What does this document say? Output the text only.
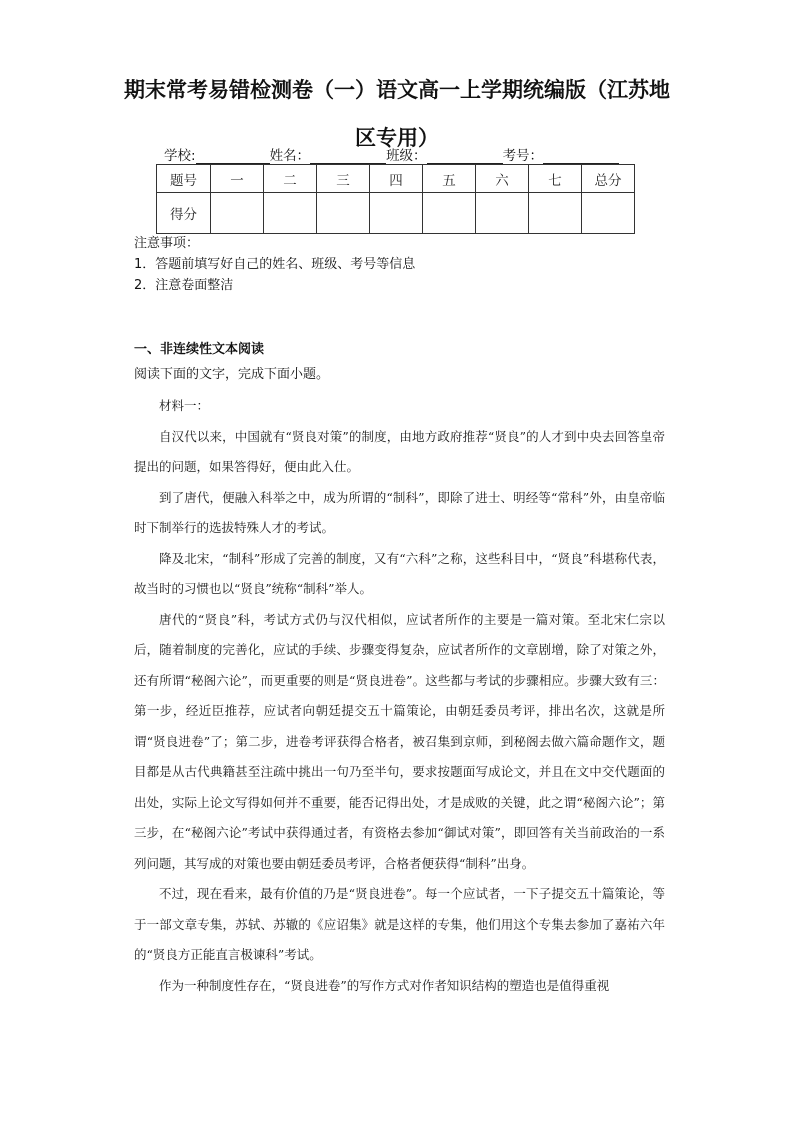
期末常考易错检测卷（一）语文高一上学期统编版（江苏地区专用）
学校:	姓名：	班级：	考号：
题号	一	二	三	四	五	六	七	总分
得分								
注意事项：
1．答题前填写好自己的姓名、班级、考号等信息
2．注意卷面整洁
一、非连续性文本阅读
阅读下面的文字，完成下面小题。

材料一：

自汉代以来，中国就有“贤良对策”的制度，由地方政府推荐“贤良”的人才到中央去回答皇帝提出的问题，如果答得好，便由此入仕。

到了唐代，便融入科举之中，成为所谓的“制科”，即除了进士、明经等“常科”外，由皇帝临时下制举行的选拔特殊人才的考试。

降及北宋，“制科”形成了完善的制度，又有“六科”之称，这些科目中，“贤良”科堪称代表，故当时的习惯也以“贤良”统称“制科”举人。

唐代的“贤良”科，考试方式仍与汉代相似，应试者所作的主要是一篇对策。至北宋仁宗以后，随着制度的完善化，应试的手续、步骤变得复杂，应试者所作的文章剧增，除了对策之外，还有所谓“秘阁六论”，而更重要的则是“贤良进卷”。这些都与考试的步骤相应。步骤大致有三：第一步，经近臣推荐，应试者向朝廷提交五十篇策论，由朝廷委员考评，排出名次，这就是所谓“贤良进卷”了；第二步，进卷考评获得合格者，被召集到京师，到秘阁去做六篇命题作文，题目都是从古代典籍甚至注疏中挑出一句乃至半句，要求按题面写成论文，并且在文中交代题面的出处，实际上论文写得如何并不重要，能否记得出处，才是成败的关键，此之谓“秘阁六论”；第三步，在“秘阁六论”考试中获得通过者，有资格去参加“御试对策”，即回答有关当前政治的一系列问题，其写成的对策也要由朝廷委员考评，合格者便获得“制科”出身。

不过，现在看来，最有价值的乃是“贤良进卷”。每一个应试者，一下子提交五十篇策论，等于一部文章专集，苏轼、苏辙的《应诏集》就是这样的专集，他们用这个专集去参加了嘉祐六年的“贤良方正能直言极谏科”考试。

作为一种制度性存在，“贤良进卷”的写作方式对作者知识结构的塑造也是值得重视
